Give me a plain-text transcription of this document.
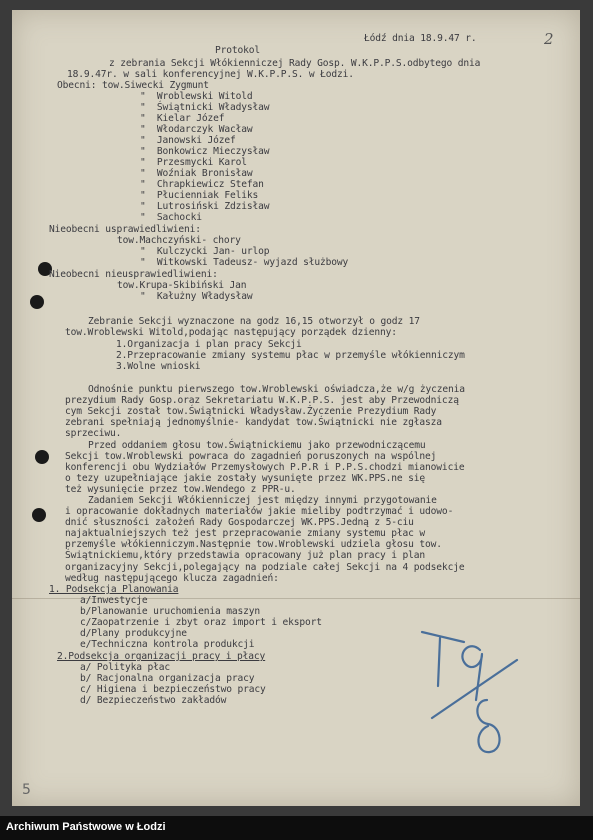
2
5
Łódź dnia 18.9.47 r.
Protokol
z zebrania Sekcji Włókienniczej Rady Gosp. W.K.P.P.S.odbytego dnia
18.9.47r. w sali konferencyjnej W.K.P.P.S. w Łodzi.
Obecni: tow.Siwecki Zygmunt
"  Wroblewski Witold
"  Świątnicki Władysław
"  Kielar Józef
"  Włodarczyk Wacław
"  Janowski Józef
"  Bonkowicz Mieczysław
"  Przesmycki Karol
"  Woźniak Bronisław
"  Chrapkiewicz Stefan
"  Płucienniak Feliks
"  Lutrosiński Zdzisław
"  Sachocki
Nieobecni usprawiedliwieni:
tow.Machczyński- chory
"  Kulczycki Jan- urlop
"  Witkowski Tadeusz- wyjazd służbowy
Nieobecni nieusprawiedliwieni:
tow.Krupa-Skibiński Jan
"  Kałużny Władysław
Zebranie Sekcji wyznaczone na godz 16,15 otworzył o godz 17
tow.Wroblewski Witold,podając następujący porządek dzienny:
1.Organizacja i plan pracy Sekcji
2.Przepracowanie zmiany systemu płac w przemyśle włókienniczym
3.Wolne wnioski
Odnośnie punktu pierwszego tow.Wroblewski oświadcza,że w/g życzenia
prezydium Rady Gosp.oraz Sekretariatu W.K.P.P.S. jest aby Przewodniczą
cym Sekcji został tow.Świątnicki Władysław.Życzenie Prezydium Rady
zebrani spełniają jednomyślnie- kandydat tow.Świątnicki nie zgłasza
sprzeciwu.
Przed oddaniem głosu tow.Świątnickiemu jako przewodniczącemu
Sekcji tow.Wroblewski powraca do zagadnień poruszonych na wspólnej
konferencji obu Wydziałów Przemysłowych P.P.R i P.P.S.chodzi mianowicie
o tezy uzupełniające jakie zostały wysunięte przez WK.PPS.ne się
też wysunięcie przez tow.Wendego z PPR-u.
Zadaniem Sekcji Włókienniczej jest między innymi przygotowanie
i opracowanie dokładnych materiałów jakie mieliby podtrzymać i udowo-
dnić słuszności założeń Rady Gospodarczej WK.PPS.Jedną z 5-ciu
najaktualniejszych też jest przepracowanie zmiany systemu płac w
przemyśle włókienniczym.Następnie tow.Wroblewski udziela głosu tow.
Świątnickiemu,który przedstawia opracowany już plan pracy i plan
organizacyjny Sekcji,polegający na podziale całej Sekcji na 4 podsekcje
według następującego klucza zagadnień:
1. Podsekcja Planowania
a/Inwestycje
b/Planowanie uruchomienia maszyn
c/Zaopatrzenie i zbyt oraz import i eksport
d/Plany produkcyjne
e/Techniczna kontrola produkcji
2.Podsekcja organizacji pracy i płacy
a/ Polityka płac
b/ Racjonalna organizacja pracy
c/ Higiena i bezpieczeństwo pracy
d/ Bezpieczeństwo zakładów
Archiwum Państwowe w Łodzi
